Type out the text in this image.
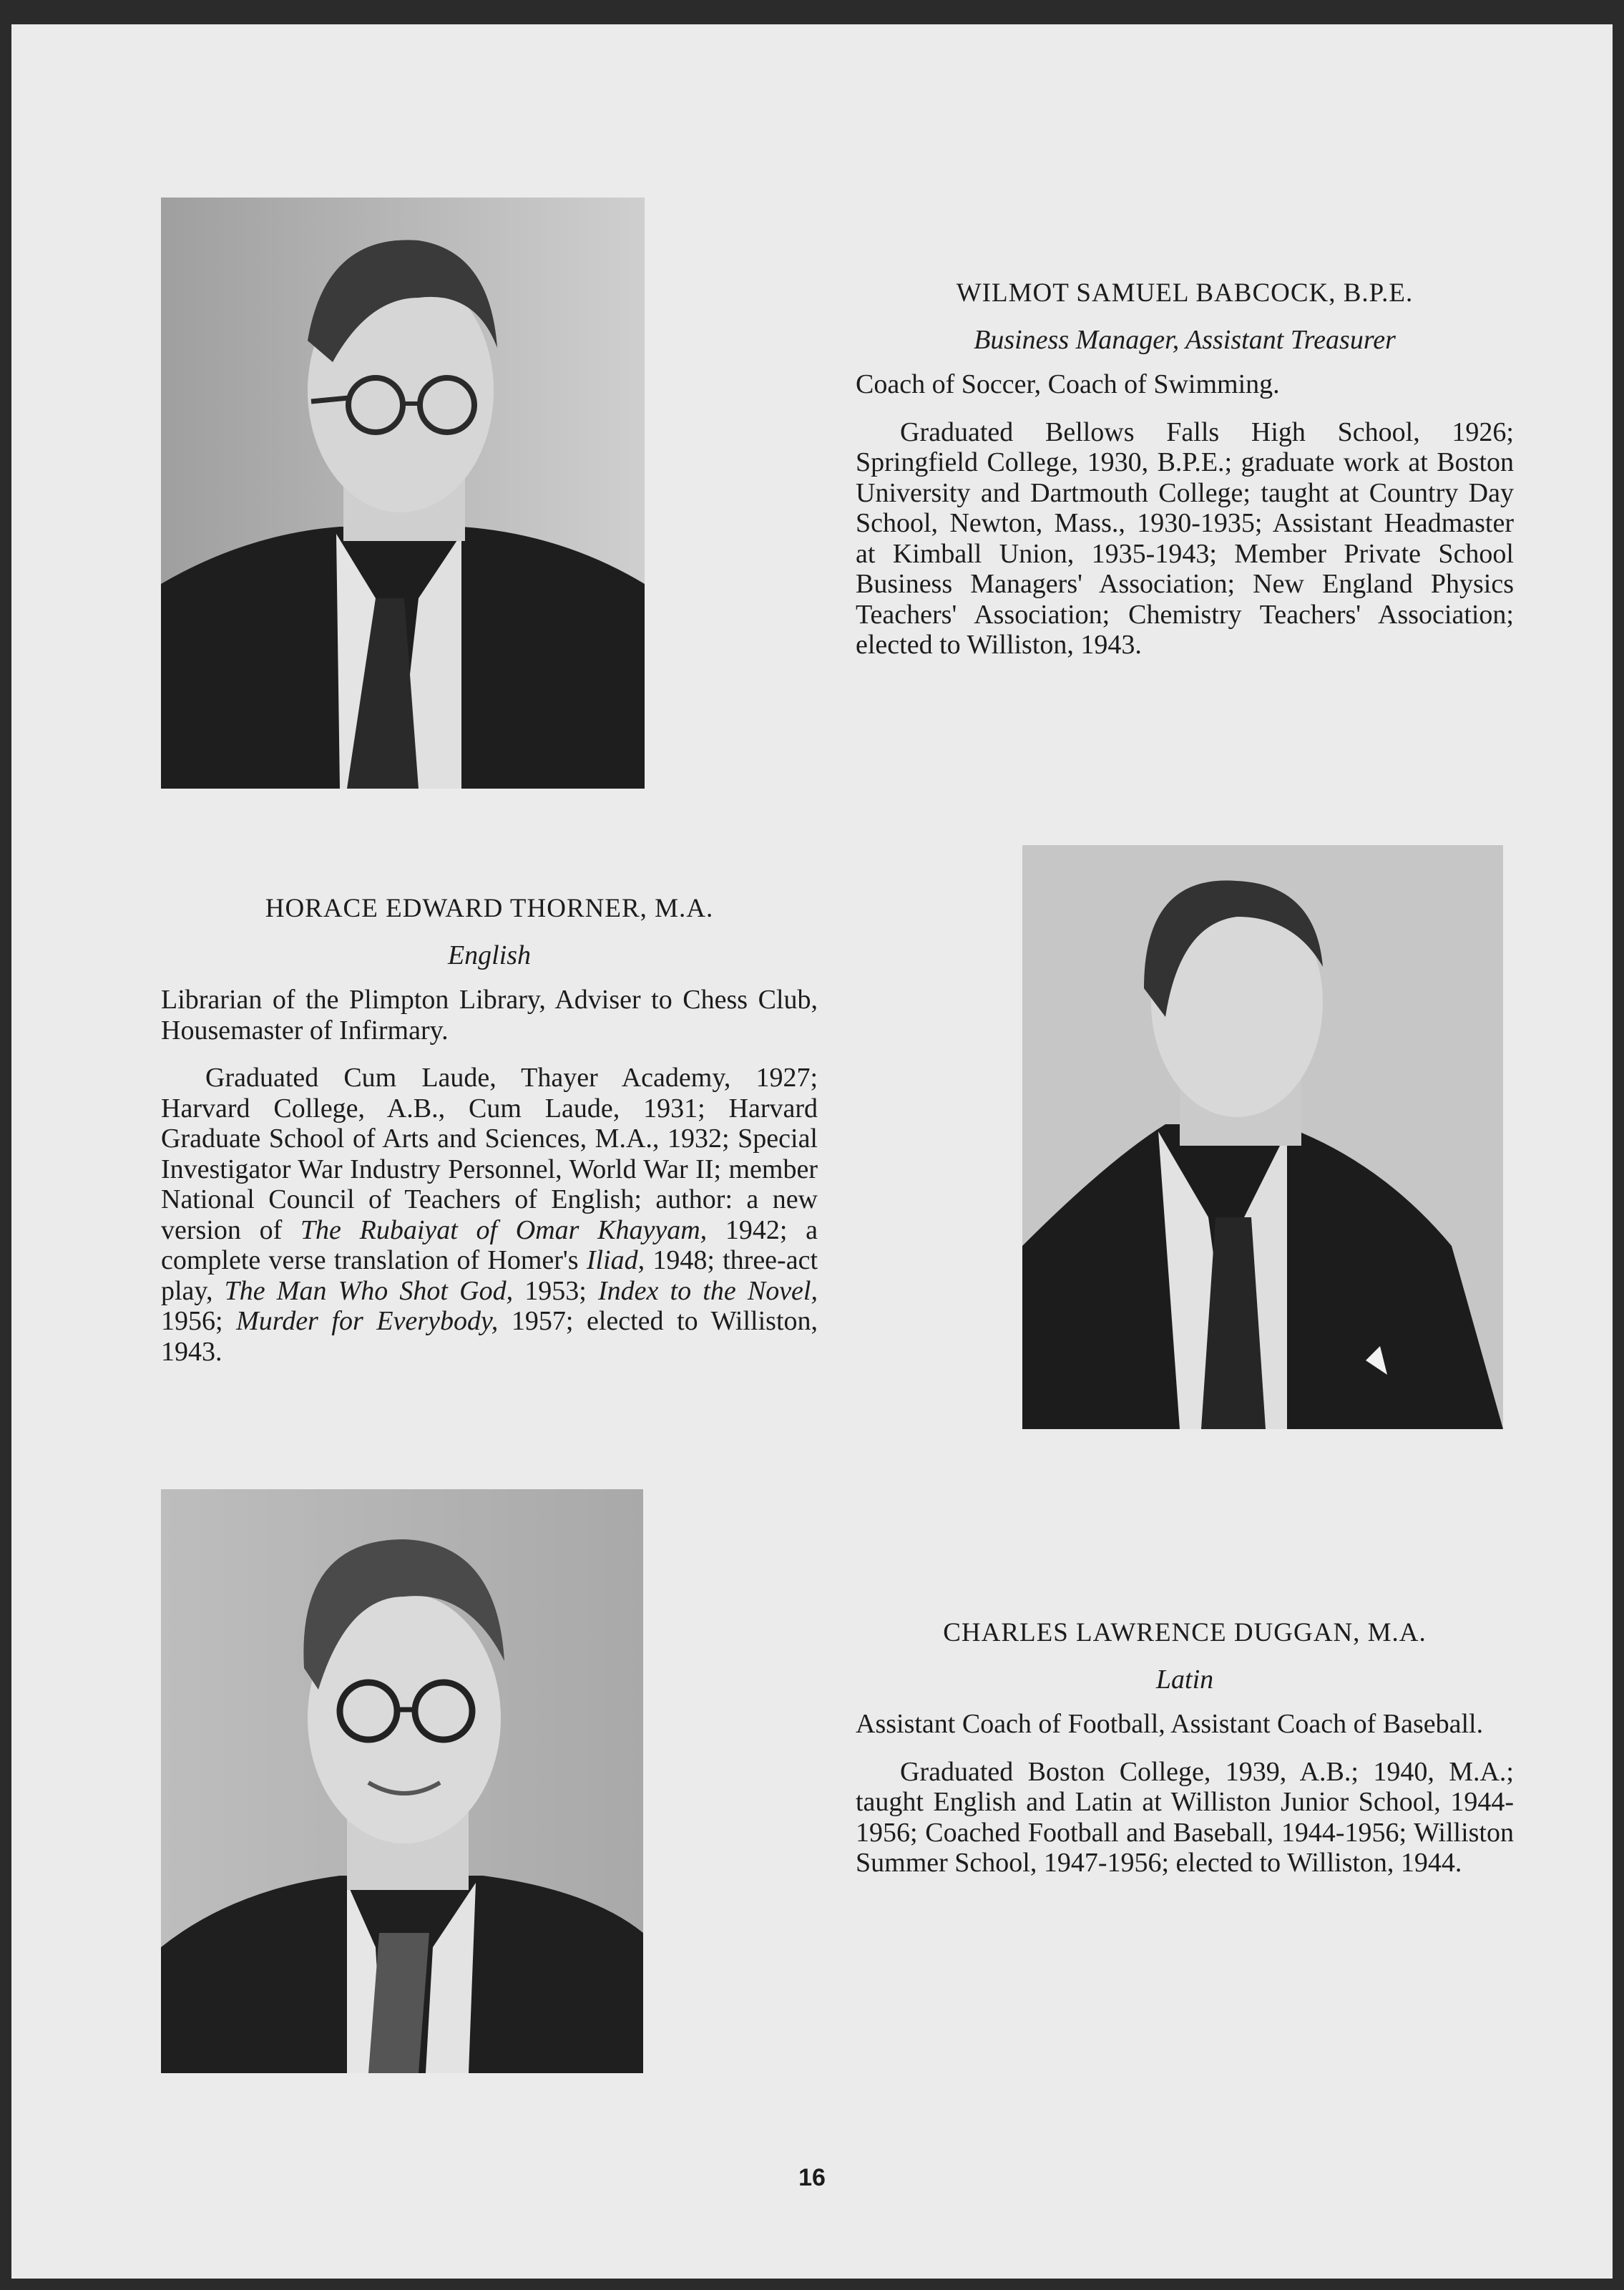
WILMOT SAMUEL BABCOCK, B.P.E.

Business Manager, Assistant Treasurer

Coach of Soccer, Coach of Swimming.

Graduated Bellows Falls High School, 1926; Springfield College, 1930, B.P.E.; graduate work at Boston University and Dartmouth College; taught at Country Day School, Newton, Mass., 1930-1935; Assistant Headmaster at Kimball Union, 1935-1943; Member Private School Business Managers' Association; New England Physics Teachers' Association; Chemistry Teachers' Association; elected to Williston, 1943.

HORACE EDWARD THORNER, M.A.

English

Librarian of the Plimpton Library, Adviser to Chess Club, Housemaster of Infirmary.

Graduated Cum Laude, Thayer Academy, 1927; Harvard College, A.B., Cum Laude, 1931; Harvard Graduate School of Arts and Sciences, M.A., 1932; Special Investigator War Industry Personnel, World War II; member National Council of Teachers of English; author: a new version of The Rubaiyat of Omar Khayyam, 1942; a complete verse translation of Homer's Iliad, 1948; three-act play, The Man Who Shot God, 1953; Index to the Novel, 1956; Murder for Everybody, 1957; elected to Williston, 1943.

CHARLES LAWRENCE DUGGAN, M.A.

Latin

Assistant Coach of Football, Assistant Coach of Baseball.

Graduated Boston College, 1939, A.B.; 1940, M.A.; taught English and Latin at Williston Junior School, 1944-1956; Coached Football and Baseball, 1944-1956; Williston Summer School, 1947-1956; elected to Williston, 1944.

16
